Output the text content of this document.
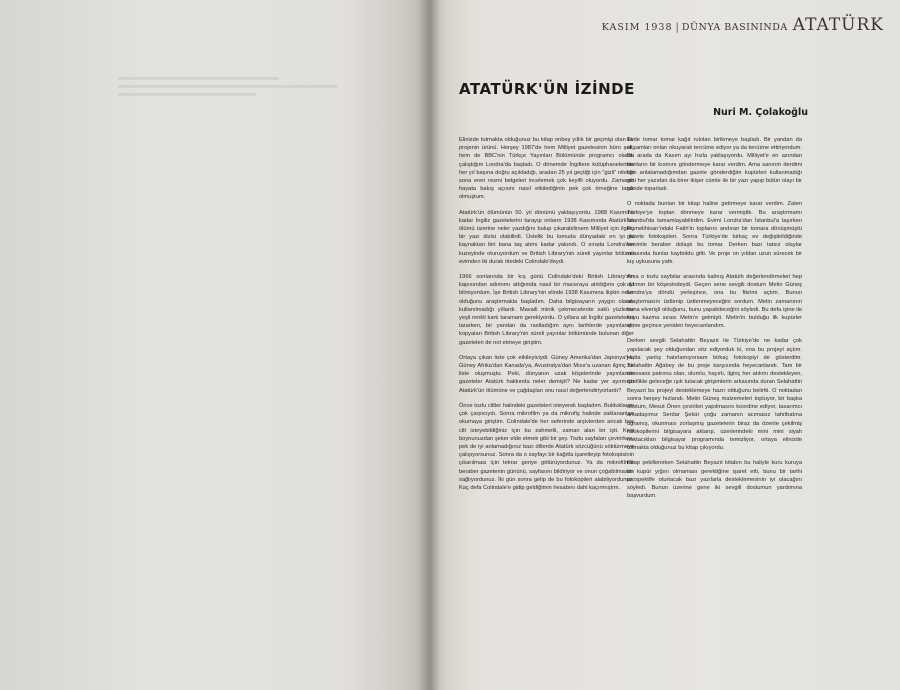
KASIM 1938 | DÜNYA BASININDA ATATÜRK
ATATÜRK'ÜN İZİNDE
Nuri M. Çolakoğlu

Elinizde tutmakta olduğunuz bu kitap onbeş yıllık bir geçmişi olan bir projenin ürünü. Herşey 1987'de hem Milliyet gazetesinin büro şefi, hem de BBC'nin Türkçe Yayınları Bölümünde programcı olarak çalıştığım Londra'da başladı. O dönemde İngiltere kütüphanelerinin her yıl başına doğru açıkladığı, aradan 25 yıl geçtiği için "gizli" niteliği sona eren resmi belgeleri incelemek çok keyifli oluyordu. Zamanın hayata bakış açısını nasıl etkilediğinin pek çok örneğine tanık olmuştum.

Atatürk'ün ölümünün 50. yıl dönümü yaklaşıyordu. 1988 Kasımına kadar İngiliz gazetelerini tarayıp onların 1938 Kasımında Atatürk'ün ölümü üzerine neler yazdığını bulup çıkarabilirsem Milliyet için ilginç bir yazı dizisi olabilirdi. Üstelik bu konuda dünyadaki en iyi iki kaynaktan biri bana taş atımı kadar yakındı. O sırada Londra'nın kuzeyinde oturuyordum ve British Library'nin süreli yayınlar bölümü evimden iki durak ötedeki Colindale'deydi.

1966 sonlarında bir kış günü Colindale'deki British Library'nin kapısından adımımı attığımda nasıl bir maceraya atıldığımı çok iyi bilmiyordum. İşe British Library'nin elinde 1938 Kasımına ilişkin neler olduğunu araştırmakla başladım. Daha bilgisayarın yaygın olarak kullanılmadığı yıllardı. Mavaili minik çekmecelerde saklı yüzlerce yeşil renkli kartı taramam gerekiyordu. O yıllara ait İngiliz gazetelerini tararken, bir yandan da rastladığım aynı tarihlerde yayınlanıp, kopyaları British Library'nin süreli yayınlar bölümünde bulunan diğer gazeteleri de not etmeye giriştim.

Ortaya çıkan liste çok etkileyiciydi. Güney Amerika'dan Japonya'ya, Güney Afrika'dan Kanada'ya, Avustralya'dan Mısır'a uzanan ilginç bir liste oluşmuştu. Peki, dünyanın uzak köşelerinde yayınlanan gazeteler Atatürk hakkında neler demişti? Ne kadar yer ayırmıştı Atatürk'ün ölümüne ve çağdaşları onu nasıl değerlendiriyorlardı?

Önce tozlu ciltler halindeki gazeteleri isteyerek başladım. Bulduklarım çok çarpıcıydı. Sonra mikrofilm ya da mikrofiş halinde saklananları okumaya giriştim. Colindale'de her seferinde arşivlerden ancak beş cilt isteyebildiğiniz için bu zahmetli, zaman alan bir işti. Keşi boynunuzdan şeker elde etmek gibi bir şey. Tozlu sayfaları çevirirken, pek de iyi anlamadığınız bazı dillerde Atatürk sözcüğünü söktürmeye çalışıyorsunuz. Sonra da o sayfayı bir kağıtla işaretleyip fotokopisinin çıkarılması için tekrar geriye götürüyordunuz. Ya da mikrofilmle beraber gazetenin gününü, sayfasını bildiriyor ve onun çoğaltılmasını sağlıyordunuz. İki gün sonra gelip de bu fotokopileri alabiliyordunuz. Kaç defa Colindale'e gidip geldiğimin hesabını dahi kaçırmıştım.

Evde tomar tomar kağıt rulolan birikmeye başladı. Bir yandan da akşamları onları okuyarak tercüme ediyor ya da tercüme ettiriyordum. Bu arada da Kasım ayı hızla yaklaşıyordu. Milliyet'e en azından bunların bir kısmını göndermeye karar verdim. Ama sanırım derdimi tam anlatamadığımdan gazete gönderdiğim kupürleri kullanmadığı gibi her yazıdan da birer ikişer cümle ile bir yazı yapıp bütün olayı bir günde toparladı.

O noktada bunları bir kitap haline getirmeye karar verdim. Zaten Türkiye'ye toptan dönmeye karar vermiştik. Bu araştırmamı İstanbul'da tamamlayabilirdim. Evimi Londra'dan İstanbul'a taşırken Rumelihisarı'ndaki Fatih'in toplarını andıran bir tomara dönüşmüştü gazete fotokopileri. Sonra Türkiye'de birkaç ev değiştirildiğinde benimle beraber dolaştı bu tomar. Derken bazı tatsız olaylar sırasında bunlar kayboldu gitti. Ve proje on yıldan uzun sürecek bir kış uykusuna yattı.

Ama o tozlu sayfalar arasında kalmış Atatürk değerlendirmeleri hep aklımın bir köşesindeydi. Geçen sene sevgili dostum Metin Güneş Londra'ya döndü yerleşince, ona bu fikrimi açtım. Bunun araştırmasını üstlenip üstlenmeyeceğini sordum. Metin zamanının buna elverişli olduğunu, bunu yapabileceğini söyledi. Bu defa işine ile kuyu kazma sırası Metin'e gelmişti. Metin'in bulduğu ilk kupürler elime geçince yeniden heyecanlandım.

Derken sevgili Selahattin Beyazıt ile Türkiye'de ne kadar çok yapılacak şey olduğundan söz ediyorduk ki, ona bu projeyi açtım. Hatta yanlış hatırlamıyorsam birkaç fotokopiyi de gösterdim. Selahattin Ağabey de bu proje karşısında heyecanlandı. Tam bir rönesans patronu olan, olumlu, hayırlı, ilginç her atılımı destekleyen, özellikle geleceğe ışık tutacak girişimlerin arkasında duran Selahattin Beyazıt bu projeyi desteklemeye hazır olduğunu belirtti. O noktadan sonra herşey hızlandı. Metin Güneş malzemeleri topluyor, bir başka dostum, Mesut Önen çevirileri yapılmasını koordine ediyor, tasarımcı arkadaşımız Serdar Şekür çoğu zamanın acımasız tahribatına uğramış, okunması zorlaşmış gazetelerin biraz da özenle çekilmiş fotokopilerini bilgisayara aktarıp, üzerlerindeki mini mini siyah noktacıkları bilgisayar programında temizliyor, ortaya elinizde tutmakta olduğunuz bu kitap çıkıyordu.

Kitap şekillenirken Selahattin Beyazıt kitabın bu haliyle kuru kuruya bir kupür yığını olmaması gerektiğine işaret etti, bunu bir tarihi perspektife oturtacak bazı yazılarla desteklemesinin iyi olacağını söyledi. Bunun üzerine gene iki sevgili dostumun yardımına başvurdum.
